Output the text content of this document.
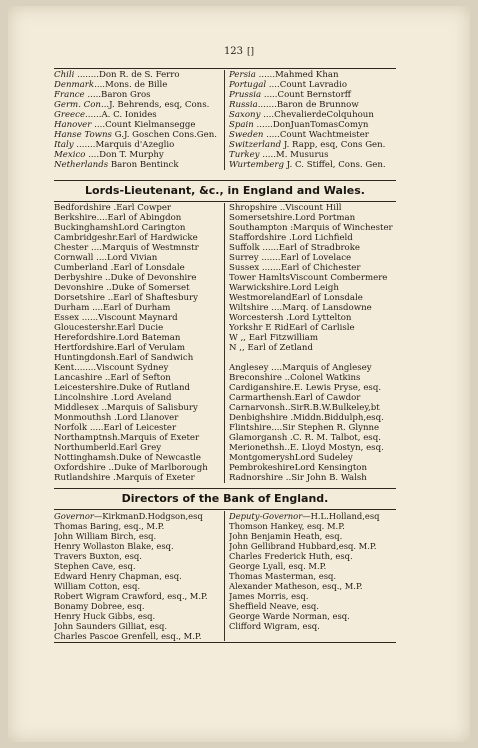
123 []
Chili ........Don R. de S. Ferro
Denmark....Mons. de Bille
France .....Baron Gros
Germ. Con...J. Behrends, esq, Cons.
Greece......A. C. Ionides
Hanover ....Count Kielmansegge
Hanse Towns G.J. Goschen Cons.Gen.
Italy .......Marquis d'Azeglio
Mexico ....Don T. Murphy
Netherlands Baron Bentinck
Persia ......Mahmed Khan
Portugal ....Count Lavradio
Prussia .....Count Bernstorff
Russia.......Baron de Brunnow
Saxony ....ChevalierdeColquhoun
Spain ......DonJuanTomasComyn
Sweden .....Count Wachtmeister
Switzerland J. Rapp, esq, Cons Gen.
Turkey .....M. Musurus
Wurtemberg J. C. Stiffel, Cons. Gen.
Lords-Lieutenant, &c., in England and Wales.
Bedfordshire .Earl Cowper
Berkshire....Earl of Abingdon
BuckinghamshLord Carington
Cambridgeshr.Earl of Hardwicke
Chester ....Marquis of Westmnstr
Cornwall ....Lord Vivian
Cumberland .Earl of Lonsdale
Derbyshire ..Duke of Devonshire
Devonshire ..Duke of Somerset
Dorsetshire ..Earl of Shaftesbury
Durham ....Earl of Durham
Essex ......Viscount Maynard
Gloucestershr.Earl Ducie
Herefordshire.Lord Bateman
Hertfordshire.Earl of Verulam
Huntingdonsh.Earl of Sandwich
Kent........Viscount Sydney
Lancashire ..Earl of Sefton
Leicestershire.Duke of Rutland
Lincolnshire .Lord Aveland
Middlesex ..Marquis of Salisbury
Monmouthsh .Lord Llanover
Norfolk .....Earl of Leicester
Northamptnsh.Marquis of Exeter
Northumberld.Earl Grey
Nottinghamsh.Duke of Newcastle
Oxfordshire ..Duke of Marlborough
Rutlandshire .Marquis of Exeter
Shropshire ..Viscount Hill
Somersetshire.Lord Portman
Southampton :Marquis of Winchester
Staffordshire .Lord Lichfield
Suffolk ......Earl of Stradbroke
Surrey .......Earl of Lovelace
Sussex .......Earl of Chichester
Tower HamltsViscount Combermere
Warwickshire.Lord Leigh
WestmorelandEarl of Lonsdale
Wiltshire ....Marq. of Lansdowne
Worcestersh .Lord Lyttelton
Yorkshr E RidEarl of Carlisle
W ,, Earl Fitzwilliam
N ,, Earl of Zetland
Anglesey ....Marquis of Anglesey
Breconshire ..Colonel Watkins
Cardiganshire.E. Lewis Pryse, esq.
Carmarthensh.Earl of Cawdor
Carnarvonsh..SirR.B.W.Bulkeley,bt
Denbighshire .Middn.Biddulph,esq.
Flintshire....Sir Stephen R. Glynne
Glamorgansh .C. R. M. Talbot, esq.
Merionethsh..E. Lloyd Mostyn, esq.
MontgomeryshLord Sudeley
PembrokeshireLord Kensington
Radnorshire ..Sir John B. Walsh
Directors of the Bank of England.
Governor—KirkmanD.Hodgson,esq
Thomas Baring, esq., M.P.
John William Birch, esq.
Henry Wollaston Blake, esq.
Travers Buxton, esq.
Stephen Cave, esq.
Edward Henry Chapman, esq.
William Cotton, esq.
Robert Wigram Crawford, esq., M.P.
Bonamy Dobree, esq.
Henry Huck Gibbs, esq.
John Saunders Gilliat, esq.
Charles Pascoe Grenfell, esq., M.P.
Deputy-Governor—H.L.Holland,esq
Thomson Hankey, esq. M.P.
John Benjamin Heath, esq.
John Gellibrand Hubbard,esq. M.P.
Charles Frederick Huth, esq.
George Lyall, esq. M.P.
Thomas Masterman, esq.
Alexander Matheson, esq., M.P.
James Morris, esq.
Sheffield Neave, esq.
George Warde Norman, esq.
Clifford Wigram, esq.
